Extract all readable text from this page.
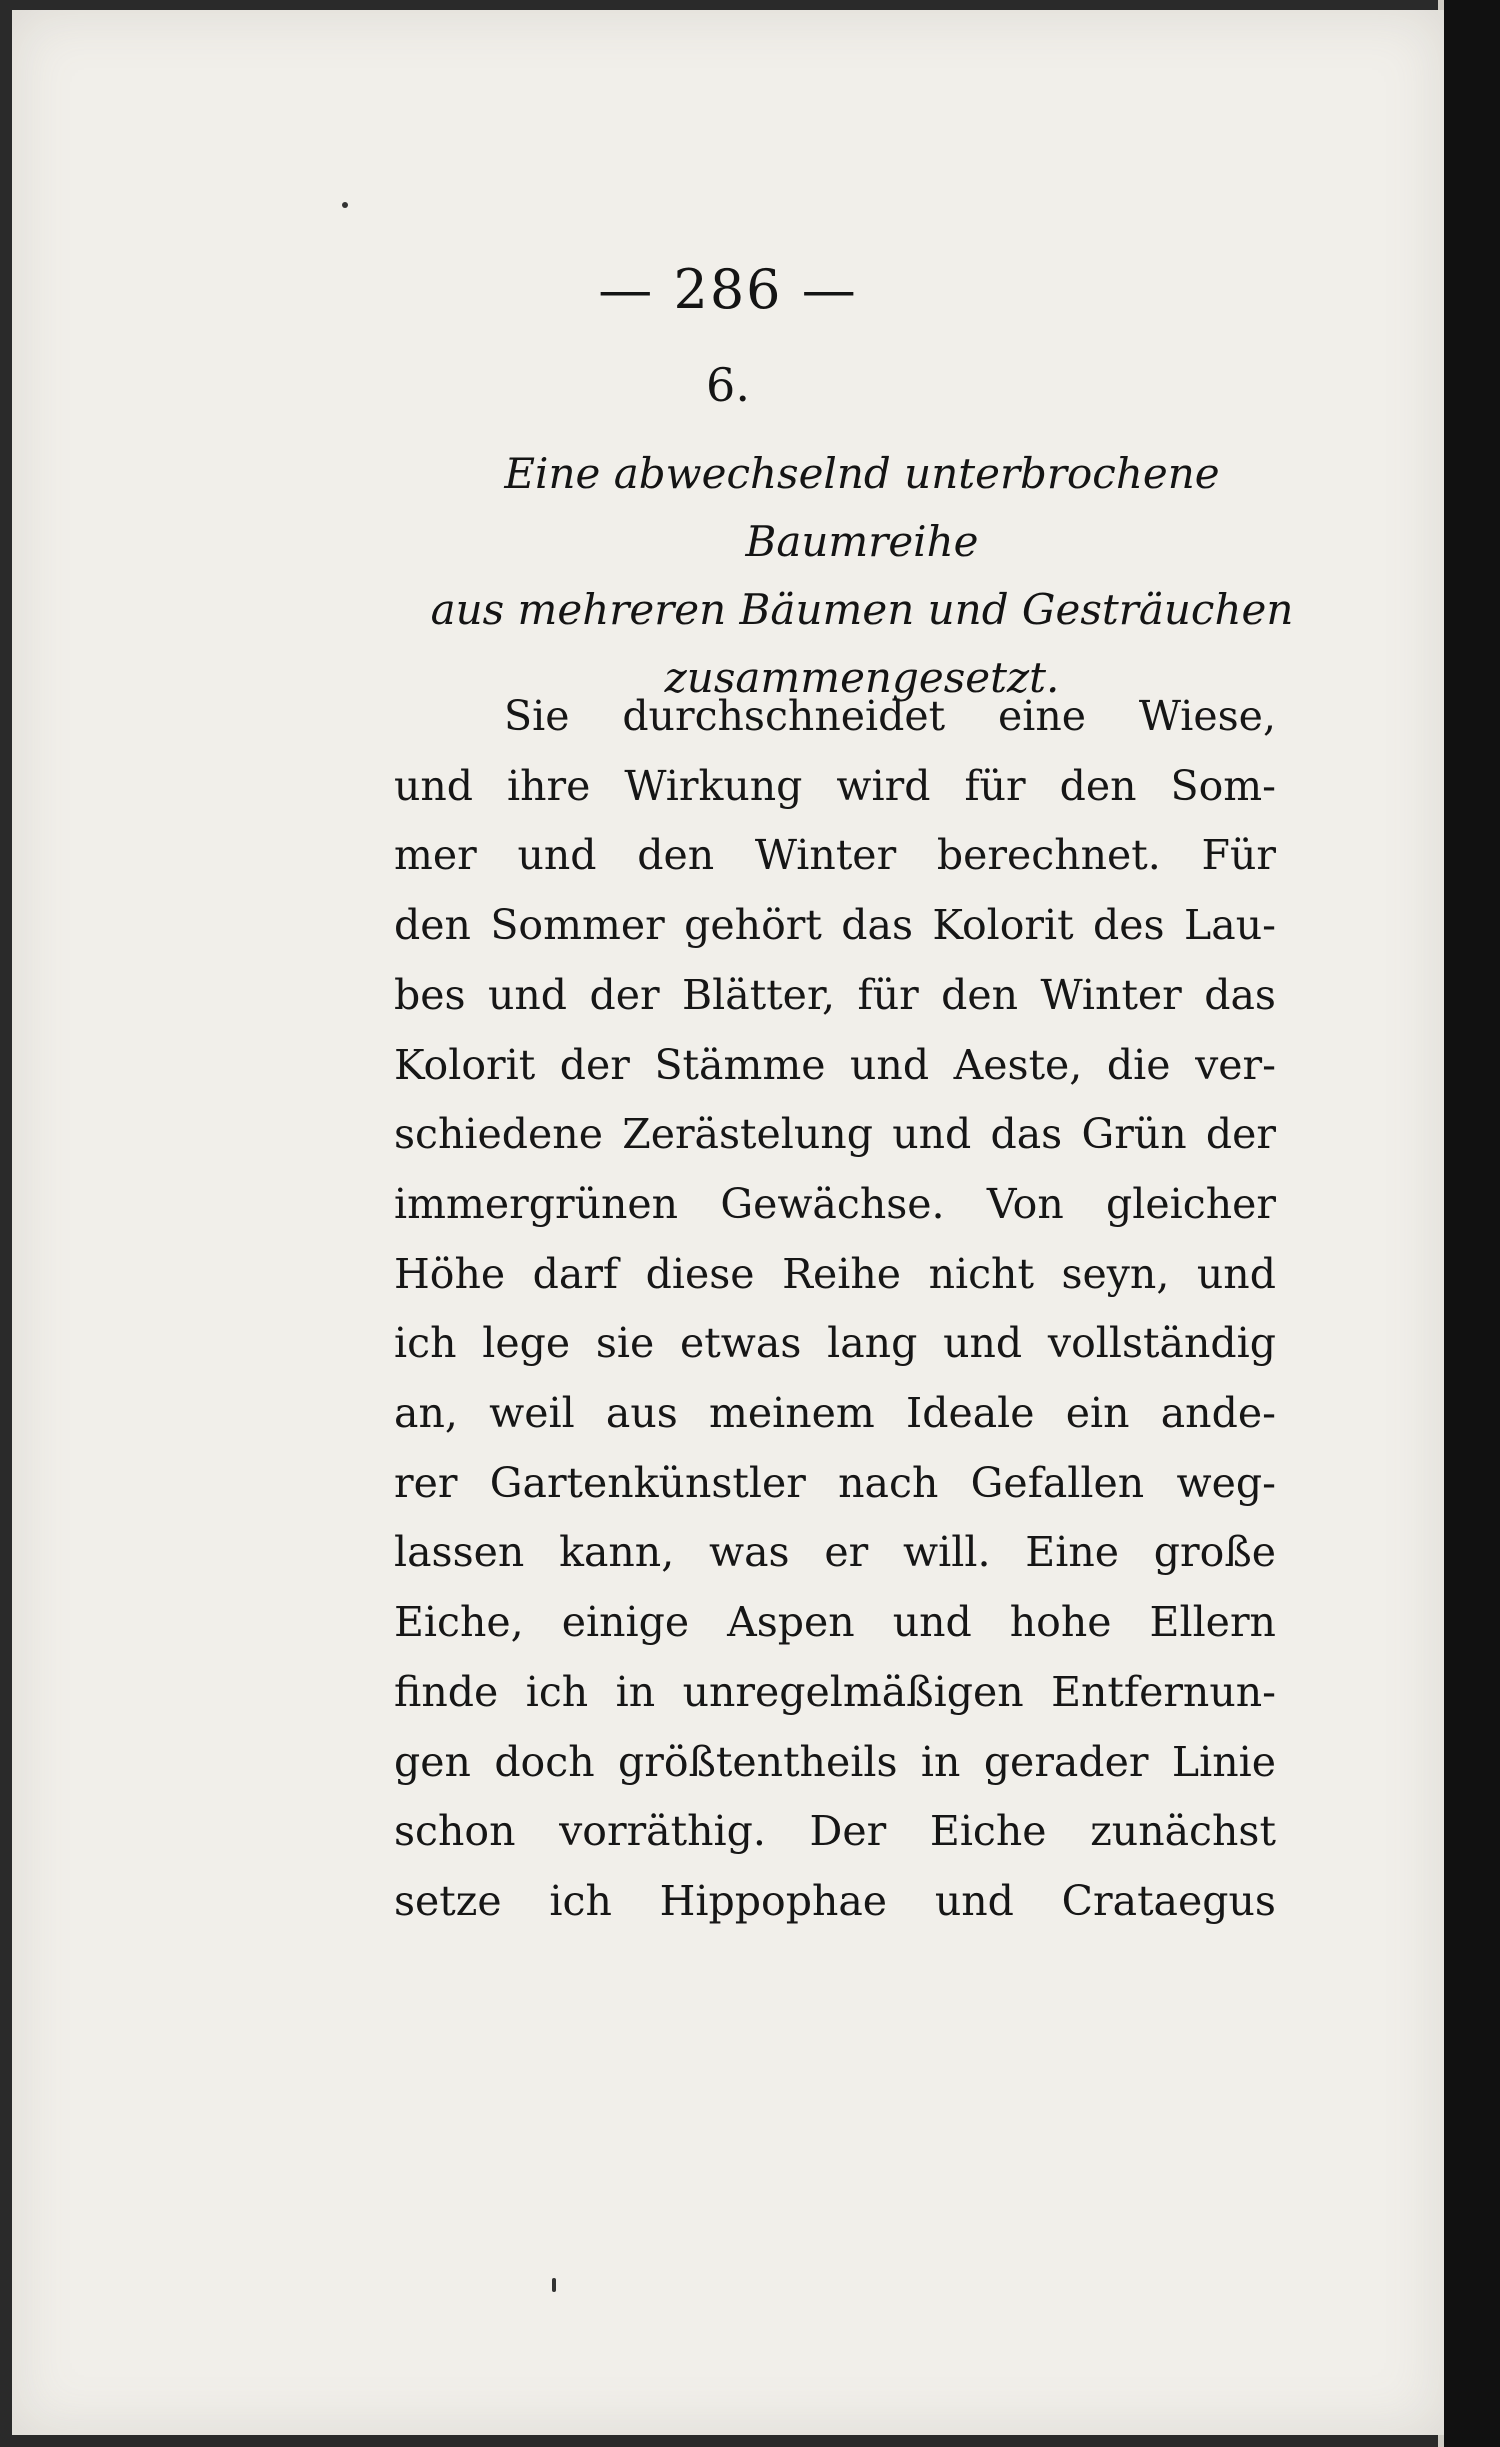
— 286 —
6.
Eine abwechselnd unterbrochene Baumreihe
aus mehreren Bäumen und Gesträuchen
zusammengesetzt.
Sie durchschneidet eine Wiese,
und ihre Wirkung wird für den Som-
mer und den Winter berechnet. Für
den Sommer gehört das Kolorit des Lau-
bes und der Blätter, für den Winter das
Kolorit der Stämme und Aeste, die ver-
schiedene Zerästelung und das Grün der
immergrünen Gewächse. Von gleicher
Höhe darf diese Reihe nicht seyn, und
ich lege sie etwas lang und vollständig
an, weil aus meinem Ideale ein ande-
rer Gartenkünstler nach Gefallen weg-
lassen kann, was er will. Eine große
Eiche, einige Aspen und hohe Ellern
finde ich in unregelmäßigen Entfernun-
gen doch größtentheils in gerader Linie
schon vorräthig. Der Eiche zunächst
setze ich Hippophae und Crataegus
